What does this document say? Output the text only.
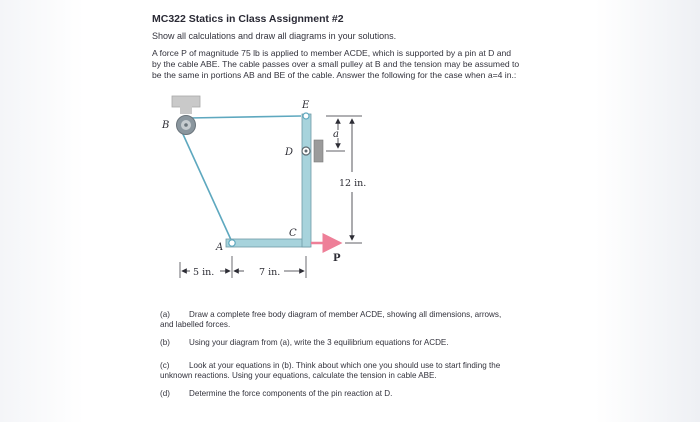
MC322 Statics in Class Assignment #2
Show all calculations and draw all diagrams in your solutions.
A force P of magnitude 75 lb is applied to member ACDE, which is supported by a pin at D and
by the cable ABE. The cable passes over a small pulley at B and the tension may be assumed to
be the same in portions AB and BE of the cable. Answer the following for the case when a=4 in.:
B
E
D
A
C
P
a
12 in.
5 in.	7 in.
(a) Draw a complete free body diagram of member ACDE, showing all dimensions, arrows,
and labelled forces.
(b) Using your diagram from (a), write the 3 equilibrium equations for ACDE.
(c) Look at your equations in (b). Think about which one you should use to start finding the
unknown reactions. Using your equations, calculate the tension in cable ABE.
(d) Determine the force components of the pin reaction at D.
